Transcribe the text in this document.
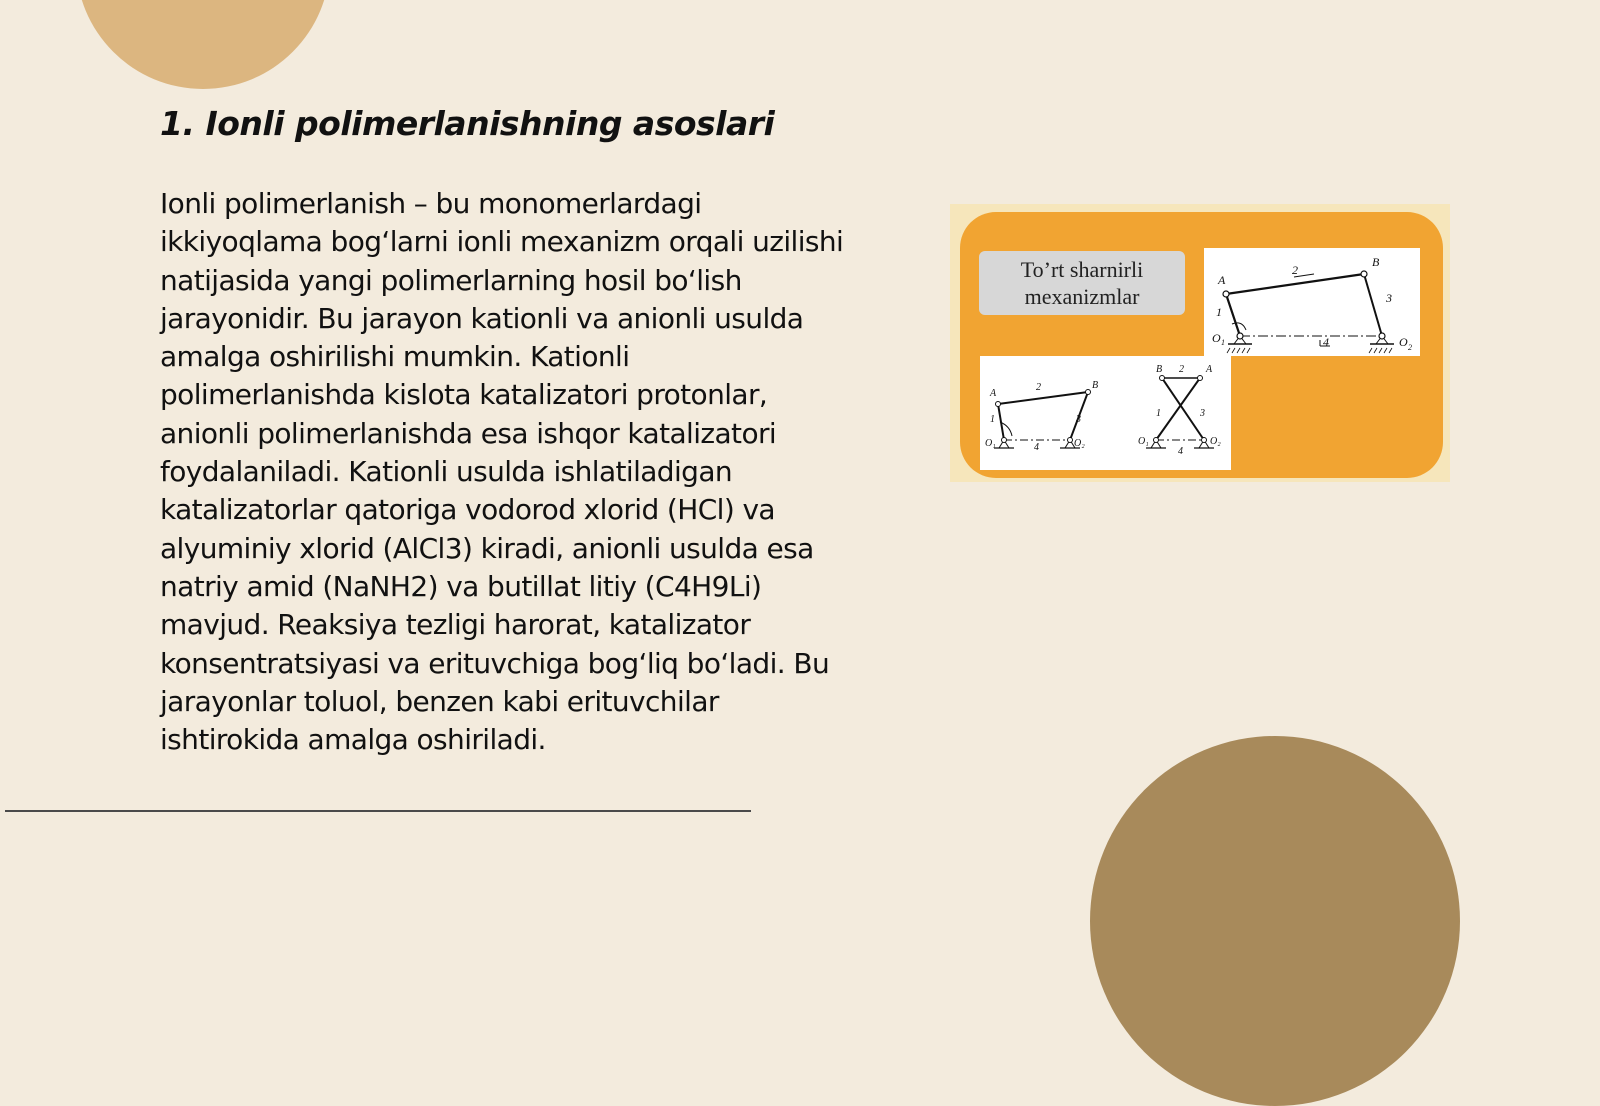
1. Ionli polimerlanishning asoslari

Ionli polimerlanish – bu monomerlardagi ikkiyoqlama bog‘larni ionli mexanizm orqali uzilishi natijasida yangi polimerlarning hosil bo‘lish jarayonidir. Bu jarayon kationli va anionli usulda amalga oshirilishi mumkin. Kationli polimerlanishda kislota katalizatori protonlar, anionli polimerlanishda esa ishqor katalizatori foydalaniladi. Kationli usulda ishlatiladigan katalizatorlar qatoriga vodorod xlorid (HCl) va alyuminiy xlorid (AlCl3) kiradi, anionli usulda esa natriy amid (NaNH2) va butillat litiy (C4H9Li) mavjud. Reaksiya tezligi harorat, katalizator konsentratsiyasi va erituvchiga bog‘liq bo‘ladi. Bu jarayonlar toluol, benzen kabi erituvchilar ishtirokida amalga oshiriladi.

To’rt sharnirli
mexanizmlar
A
B
2
3
1
4
O 1	O 2
A
B
2
3
1
4
O₁	O₂
B	A
2
1	3
4
O₁	O₂
